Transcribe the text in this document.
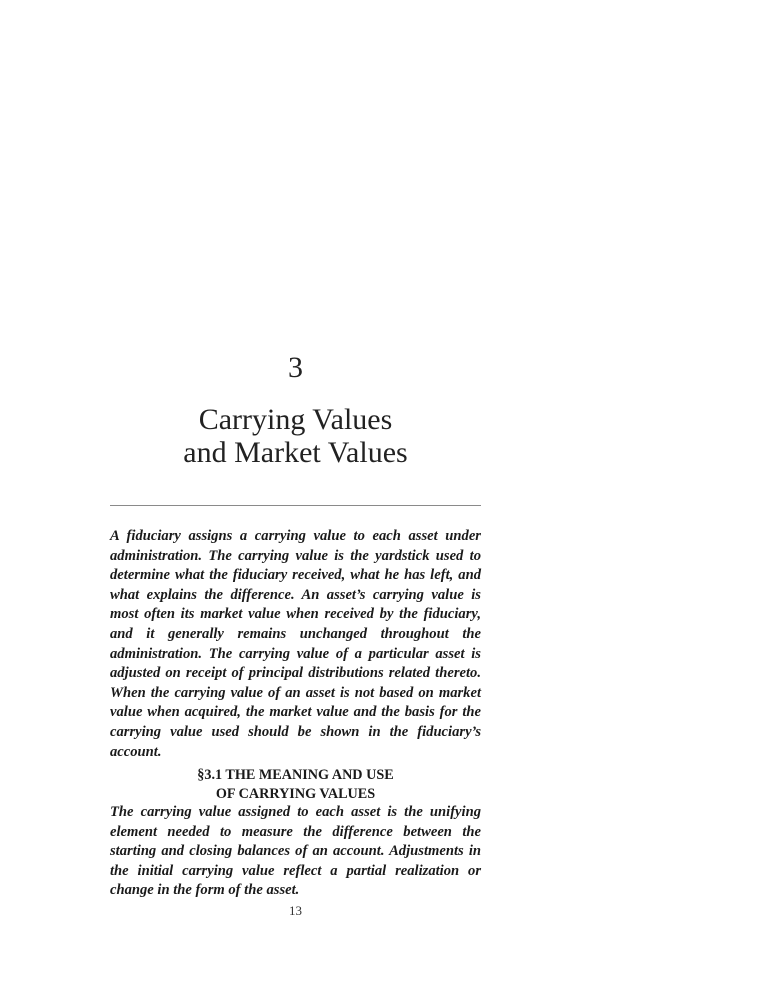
3
Carrying Values
and Market Values

A fiduciary assigns a carrying value to each asset under administration. The carrying value is the yardstick used to determine what the fiduciary received, what he has left, and what explains the difference. An asset’s carrying value is most often its market value when received by the fiduciary, and it generally remains unchanged throughout the administration. The carrying value of a particular asset is adjusted on receipt of principal distributions related thereto. When the carrying value of an asset is not based on market value when acquired, the market value and the basis for the carrying value used should be shown in the fiduciary’s account.

§3.1 THE MEANING AND USE
OF CARRYING VALUES

The carrying value assigned to each asset is the unifying element needed to measure the difference between the starting and closing balances of an account. Adjustments in the initial carrying value reflect a partial realization or change in the form of the asset.

13
